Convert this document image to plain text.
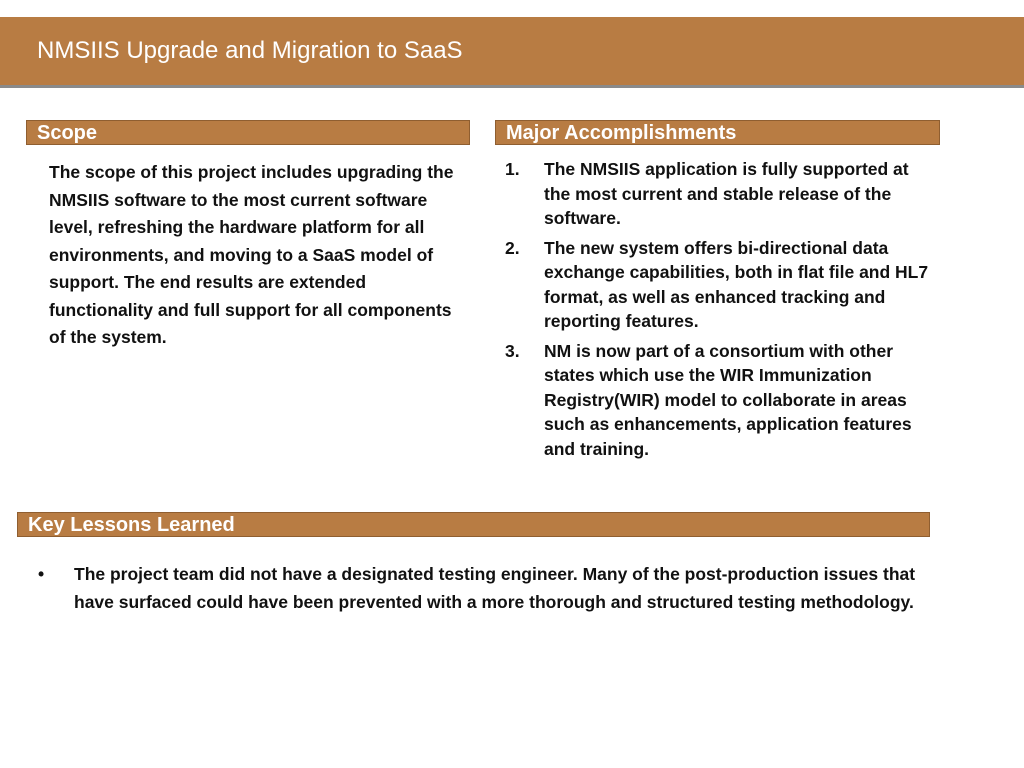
NMSIIS Upgrade and Migration to SaaS
Scope
The scope of this project includes upgrading the NMSIIS software to the most current software level, refreshing the hardware platform for all environments, and moving to a SaaS model of support. The end results are extended functionality and full support for all components of the system.
Major Accomplishments
1. The NMSIIS application is fully supported at the most current and stable release of the software.
2. The new system offers bi-directional data exchange capabilities, both in flat file and HL7 format, as well as enhanced tracking and reporting features.
3. NM is now part of a consortium with other states which use the WIR Immunization Registry(WIR) model to collaborate in areas such as enhancements, application features and training.
Key Lessons Learned
• The project team did not have a designated testing engineer. Many of the post-production issues that have surfaced could have been prevented with a more thorough and structured testing methodology.
